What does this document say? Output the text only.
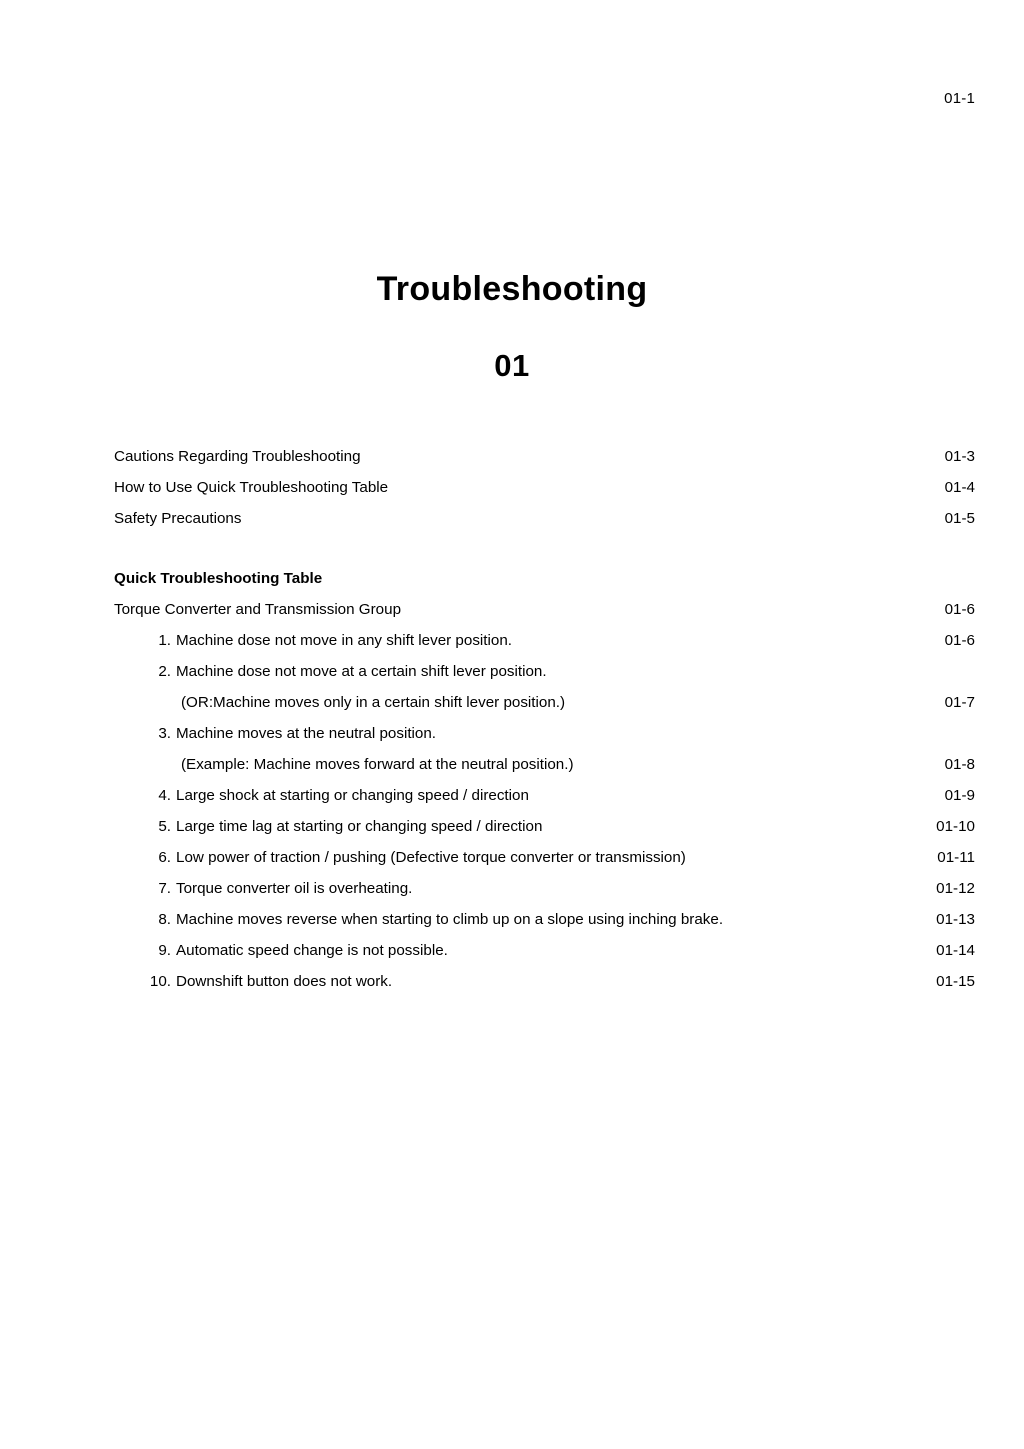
01-1
Troubleshooting
01
Cautions Regarding Troubleshooting .....	01-3
How to Use Quick Troubleshooting Table .....	01-4
Safety Precautions .....	01-5
Quick Troubleshooting Table
Torque Converter and Transmission Group .....	01-6
1. Machine dose not move in any shift lever position. .....	01-6
2. Machine dose not move at a certain shift lever position.
(OR:Machine moves only in a certain shift lever position.) .....	01-7
3. Machine moves at the neutral position.
(Example: Machine moves forward at the neutral position.) .....	01-8
4. Large shock at starting or changing speed / direction .....	01-9
5. Large time lag at starting or changing speed / direction .....	01-10
6. Low power of traction / pushing (Defective torque converter or transmission) .....	01-11
7. Torque converter oil is overheating. .....	01-12
8. Machine moves reverse when starting to climb up on a slope using inching brake. .....	01-13
9. Automatic speed change is not possible. .....	01-14
10. Downshift button does not work. .....	01-15
